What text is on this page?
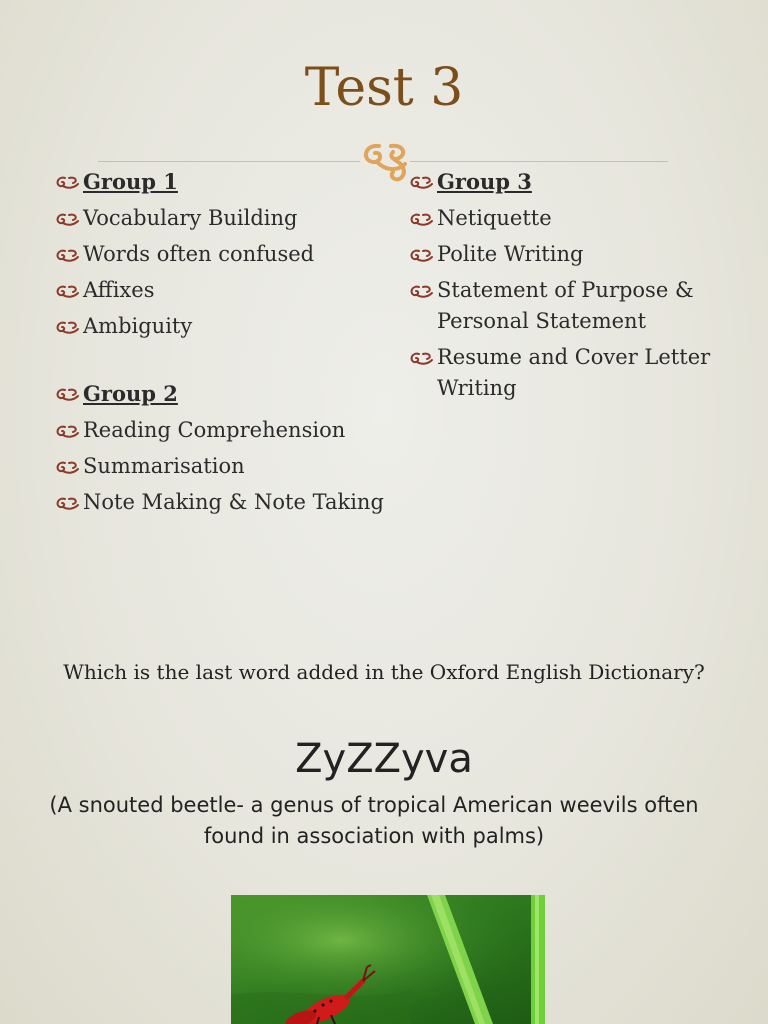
Test 3
Group 1
Vocabulary Building
Words often confused
Affixes
Ambiguity
Group 2
Reading Comprehension
Summarisation
Note Making & Note Taking
Group 3
Netiquette
Polite Writing
Statement of Purpose & Personal Statement
Resume and Cover Letter Writing
Which is the last word added in the Oxford English Dictionary?
ZyZZyva
(A snouted beetle- a genus of tropical American weevils often found in association with palms)
